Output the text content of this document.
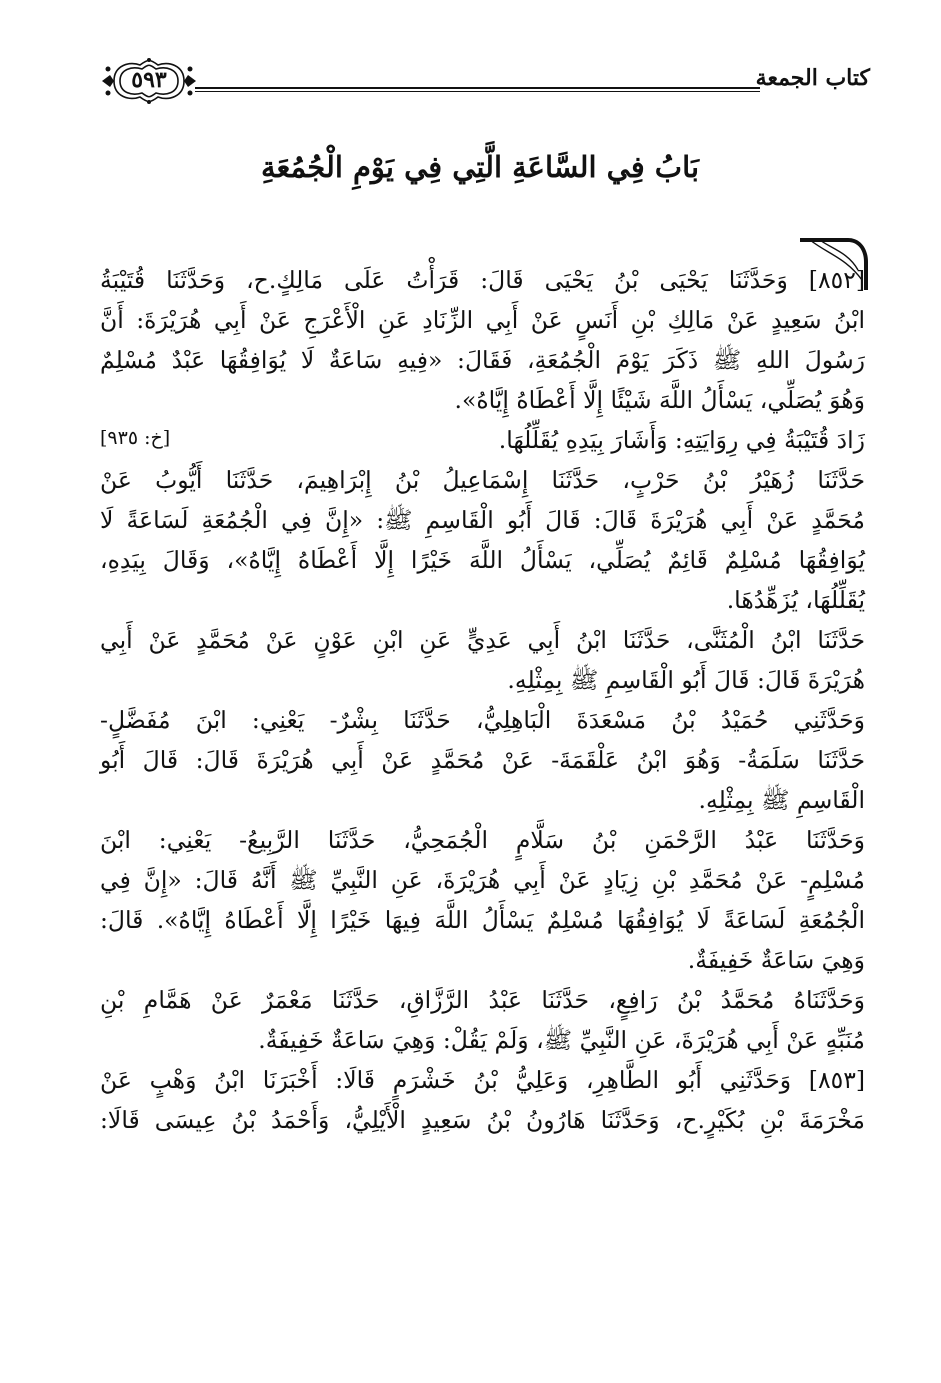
٥٩٣	كتاب الجمعة
بَابُ فِي السَّاعَةِ الَّتِي فِي يَوْمِ الْجُمُعَةِ
[٨٥٢] وَحَدَّثَنَا يَحْيَى بْنُ يَحْيَى قَالَ: قَرَأْتُ عَلَى مَالِكٍ.ح، وَحَدَّثَنَا قُتَيْبَةُ
ابْنُ سَعِيدٍ عَنْ مَالِكِ بْنِ أَنَسٍ عَنْ أَبِي الزِّنَادِ عَنِ الْأَعْرَجِ عَنْ أَبِي هُرَيْرَةَ: أَنَّ
رَسُولَ اللهِ ﷺ ذَكَرَ يَوْمَ الْجُمُعَةِ، فَقَالَ: «فِيهِ سَاعَةٌ لَا يُوَافِقُهَا عَبْدٌ مُسْلِمٌ
وَهُوَ يُصَلِّي، يَسْأَلُ اللَّهَ شَيْئًا إِلَّا أَعْطَاهُ إِيَّاهُ».
زَادَ قُتَيْبَةُ فِي رِوَايَتِهِ: وَأَشَارَ بِيَدِهِ يُقَلِّلُهَا.
[خ: ٩٣٥]
حَدَّثَنَا زُهَيْرُ بْنُ حَرْبٍ، حَدَّثَنَا إِسْمَاعِيلُ بْنُ إِبْرَاهِيمَ، حَدَّثَنَا أَيُّوبُ عَنْ
مُحَمَّدٍ عَنْ أَبِي هُرَيْرَةَ قَالَ: قَالَ أَبُو الْقَاسِمِ ﷺ: «إِنَّ فِي الْجُمُعَةِ لَسَاعَةً لَا
يُوَافِقُهَا مُسْلِمٌ قَائِمٌ يُصَلِّي، يَسْأَلُ اللَّهَ خَيْرًا إِلَّا أَعْطَاهُ إِيَّاهُ»، وَقَالَ بِيَدِهِ،
يُقَلِّلُهَا، يُزَهِّدُهَا.
حَدَّثَنَا ابْنُ الْمُثَنَّى، حَدَّثَنَا ابْنُ أَبِي عَدِيٍّ عَنِ ابْنِ عَوْنٍ عَنْ مُحَمَّدٍ عَنْ أَبِي
هُرَيْرَةَ قَالَ: قَالَ أَبُو الْقَاسِمِ ﷺ بِمِثْلِهِ.
وَحَدَّثَنِي حُمَيْدُ بْنُ مَسْعَدَةَ الْبَاهِلِيُّ، حَدَّثَنَا بِشْرٌ- يَعْنِي: ابْنَ مُفَضَّلٍ-
حَدَّثَنَا سَلَمَةُ- وَهُوَ ابْنُ عَلْقَمَةَ- عَنْ مُحَمَّدٍ عَنْ أَبِي هُرَيْرَةَ قَالَ: قَالَ أَبُو
الْقَاسِمِ ﷺ بِمِثْلِهِ.
وَحَدَّثَنَا عَبْدُ الرَّحْمَنِ بْنُ سَلَّامٍ الْجُمَحِيُّ، حَدَّثَنَا الرَّبِيعُ- يَعْنِي: ابْنَ
مُسْلِمٍ- عَنْ مُحَمَّدِ بْنِ زِيَادٍ عَنْ أَبِي هُرَيْرَةَ، عَنِ النَّبِيِّ ﷺ أَنَّهُ قَالَ: «إِنَّ فِي
الْجُمُعَةِ لَسَاعَةً لَا يُوَافِقُهَا مُسْلِمٌ يَسْأَلُ اللَّهَ فِيهَا خَيْرًا إِلَّا أَعْطَاهُ إِيَّاهُ». قَالَ:
وَهِيَ سَاعَةٌ خَفِيفَةٌ.
وَحَدَّثَنَاهُ مُحَمَّدُ بْنُ رَافِعٍ، حَدَّثَنَا عَبْدُ الرَّزَّاقِ، حَدَّثَنَا مَعْمَرٌ عَنْ هَمَّامِ بْنِ
مُنَبِّهٍ عَنْ أَبِي هُرَيْرَةَ، عَنِ النَّبِيِّ ﷺ، وَلَمْ يَقُلْ: وَهِيَ سَاعَةٌ خَفِيفَةٌ.
[٨٥٣] وَحَدَّثَنِي أَبُو الطَّاهِرِ، وَعَلِيُّ بْنُ خَشْرَمٍ قَالَا: أَخْبَرَنَا ابْنُ وَهْبٍ عَنْ
مَخْرَمَةَ بْنِ بُكَيْرٍ.ح، وَحَدَّثَنَا هَارُونُ بْنُ سَعِيدٍ الْأَيْلِيُّ، وَأَحْمَدُ بْنُ عِيسَى قَالَا:
